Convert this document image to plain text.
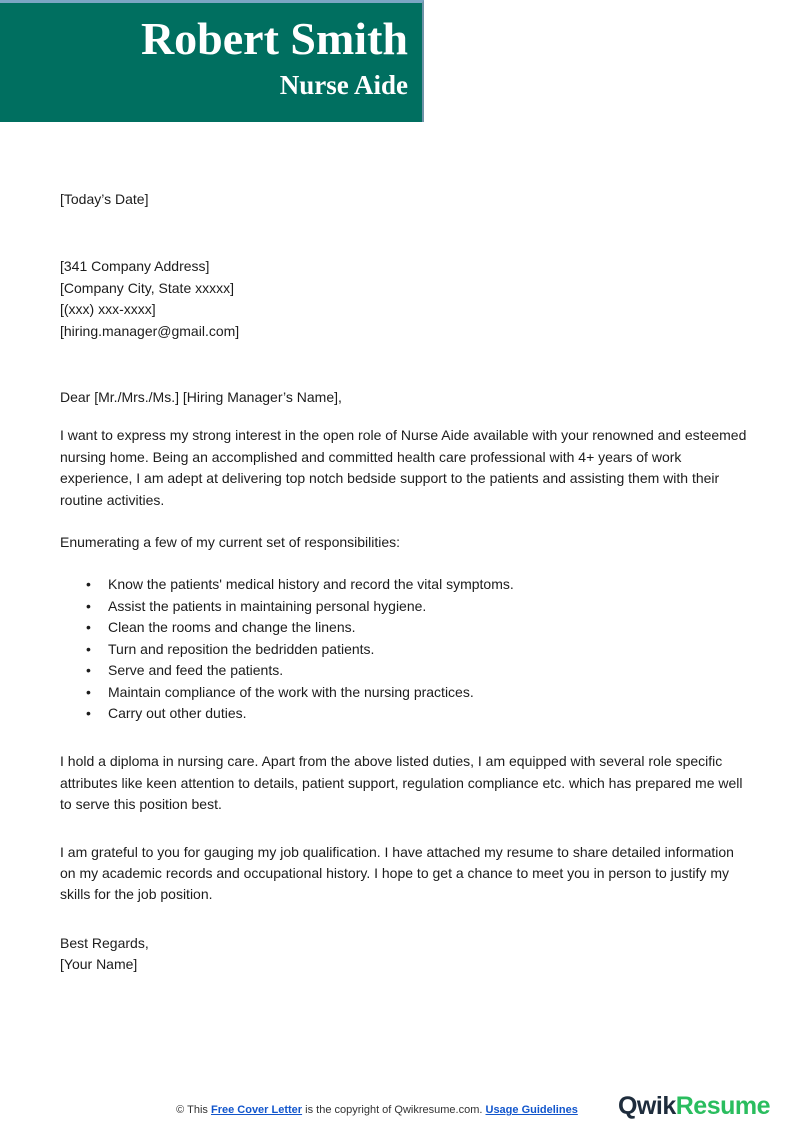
Robert Smith
Nurse Aide

[Today’s Date]

[341 Company Address]

[Company City, State xxxxx]

[(xxx) xxx-xxxx]

[hiring.manager@gmail.com]

Dear [Mr./Mrs./Ms.] [Hiring Manager’s Name],

I want to express my strong interest in the open role of Nurse Aide available with your renowned and esteemed nursing home. Being an accomplished and committed health care professional with 4+ years of work experience, I am adept at delivering top notch bedside support to the patients and assisting them with their routine activities.

Enumerating a few of my current set of responsibilities:

• Know the patients' medical history and record the vital symptoms.
• Assist the patients in maintaining personal hygiene.
• Clean the rooms and change the linens.
• Turn and reposition the bedridden patients.
• Serve and feed the patients.
• Maintain compliance of the work with the nursing practices.
• Carry out other duties.

I hold a diploma in nursing care. Apart from the above listed duties, I am equipped with several role specific attributes like keen attention to details, patient support, regulation compliance etc. which has prepared me well to serve this position best.

I am grateful to you for gauging my job qualification. I have attached my resume to share detailed information on my academic records and occupational history. I hope to get a chance to meet you in person to justify my skills for the job position.

Best Regards,

[Your Name]

© This Free Cover Letter is the copyright of Qwikresume.com. Usage Guidelines	QwikResume
